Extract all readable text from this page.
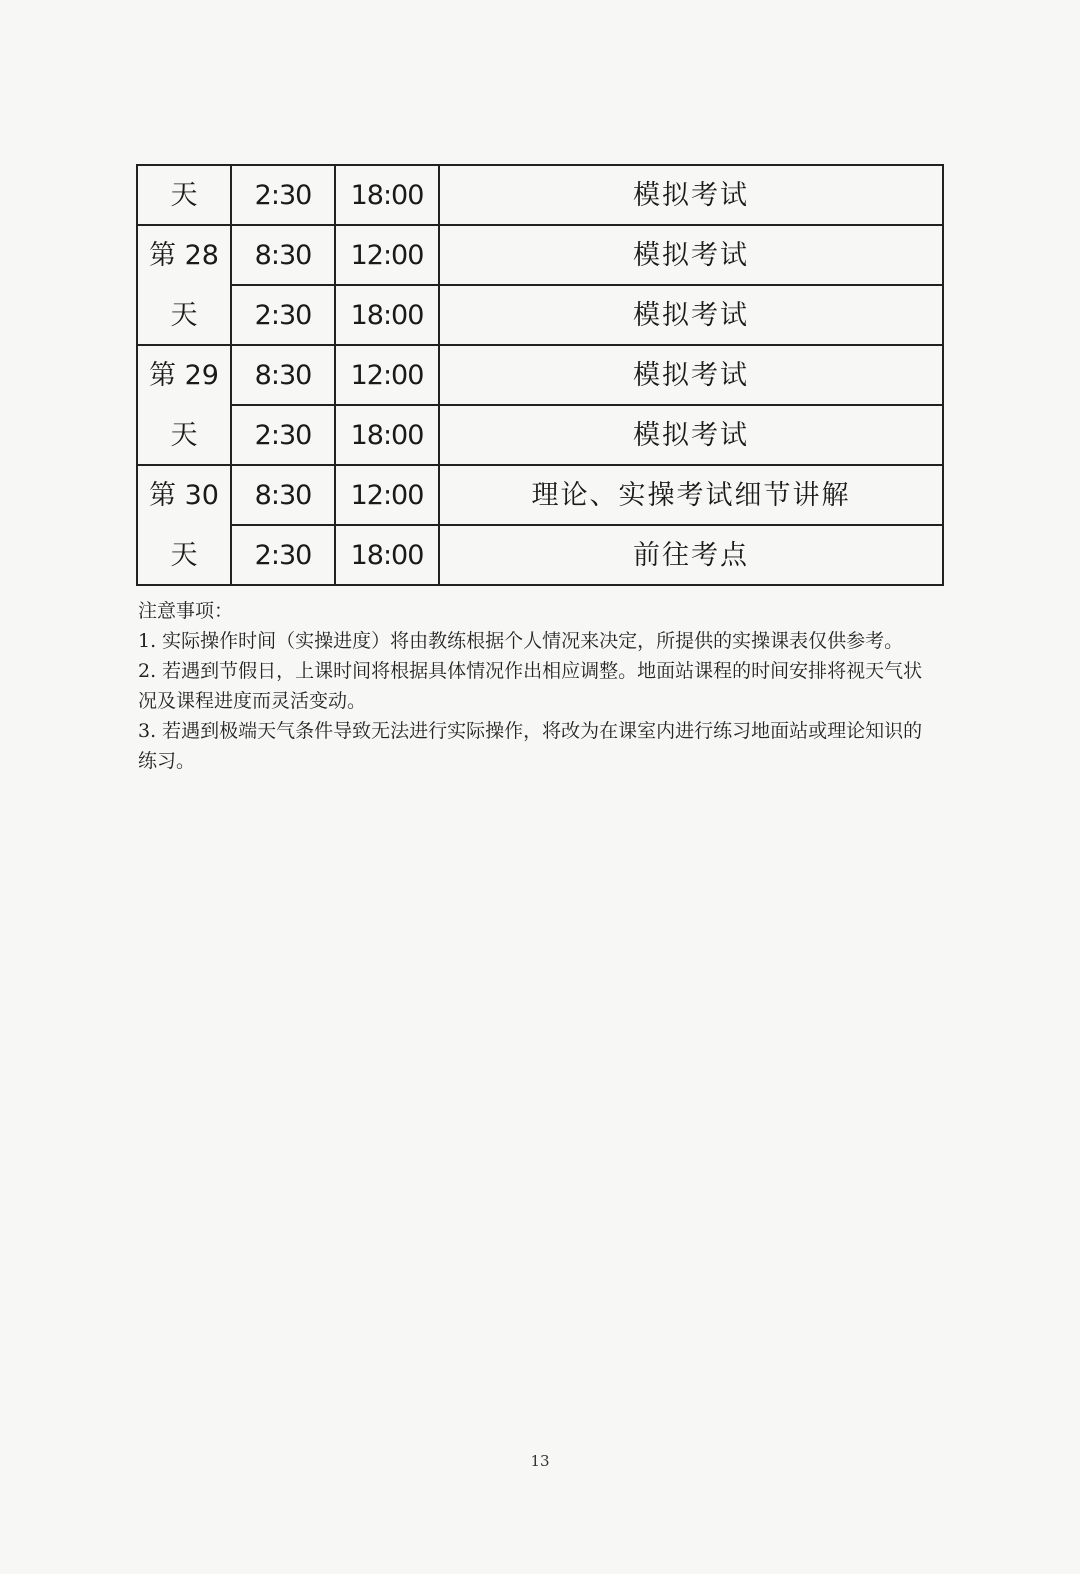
天	2:30	18:00	模拟考试
第 28	8:30	12:00	模拟考试
天	2:30	18:00	模拟考试
第 29	8:30	12:00	模拟考试
天	2:30	18:00	模拟考试
第 30	8:30	12:00	理论、实操考试细节讲解
天	2:30	18:00	前往考点

注意事项：

1. 实际操作时间（实操进度）将由教练根据个人情况来决定，所提供的实操课表仅供参考。

2. 若遇到节假日，上课时间将根据具体情况作出相应调整。地面站课程的时间安排将视天气状况及课程进度而灵活变动。

3. 若遇到极端天气条件导致无法进行实际操作，将改为在课室内进行练习地面站或理论知识的练习。

13
